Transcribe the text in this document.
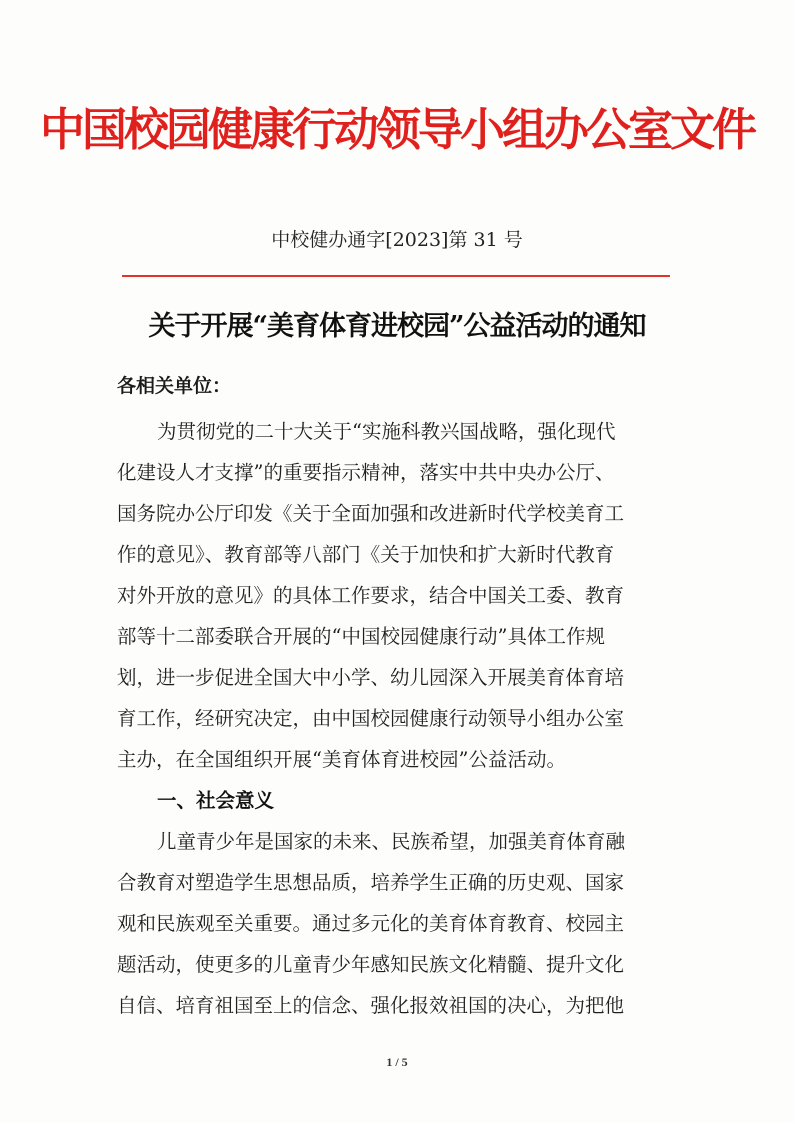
中国校园健康行动领导小组办公室文件
中校健办通字[2023]第 31 号
关于开展“美育体育进校园”公益活动的通知
各相关单位：
为贯彻党的二十大关于“实施科教兴国战略，强化现代
化建设人才支撑”的重要指示精神，落实中共中央办公厅、
国务院办公厅印发《关于全面加强和改进新时代学校美育工
作的意见》、教育部等八部门《关于加快和扩大新时代教育
对外开放的意见》的具体工作要求，结合中国关工委、教育
部等十二部委联合开展的“中国校园健康行动”具体工作规
划，进一步促进全国大中小学、幼儿园深入开展美育体育培
育工作，经研究决定，由中国校园健康行动领导小组办公室
主办，在全国组织开展“美育体育进校园”公益活动。
一、社会意义
儿童青少年是国家的未来、民族希望，加强美育体育融
合教育对塑造学生思想品质，培养学生正确的历史观、国家
观和民族观至关重要。通过多元化的美育体育教育、校园主
题活动，使更多的儿童青少年感知民族文化精髓、提升文化
自信、培育祖国至上的信念、强化报效祖国的决心，为把他
1 / 5
